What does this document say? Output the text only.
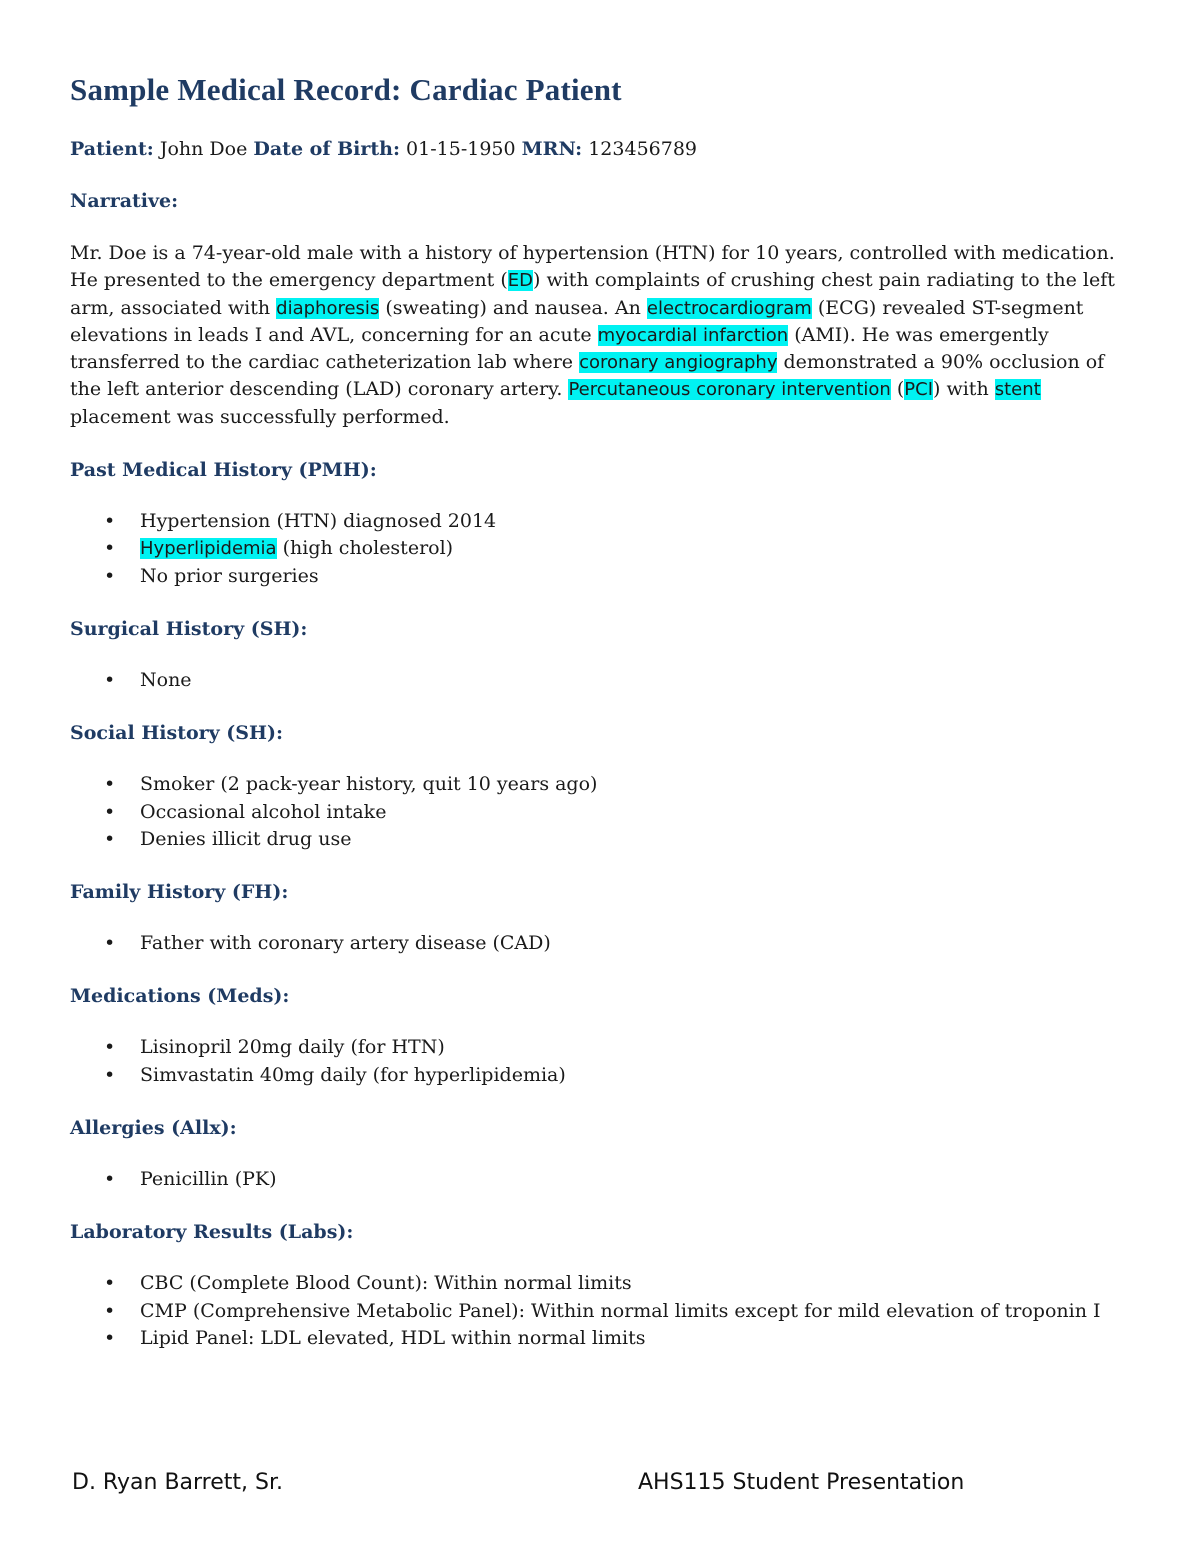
Sample Medical Record: Cardiac Patient
Patient: John Doe Date of Birth: 01-15-1950 MRN: 123456789
Narrative:

Mr. Doe is a 74-year-old male with a history of hypertension (HTN) for 10 years, controlled with medication. He presented to the emergency department (ED) with complaints of crushing chest pain radiating to the left arm, associated with diaphoresis (sweating) and nausea. An electrocardiogram (ECG) revealed ST-segment elevations in leads I and AVL, concerning for an acute myocardial infarction (AMI). He was emergently transferred to the cardiac catheterization lab where coronary angiography demonstrated a 90% occlusion of the left anterior descending (LAD) coronary artery. Percutaneous coronary intervention (PCI) with stent placement was successfully performed.

Past Medical History (PMH):
• Hypertension (HTN) diagnosed 2014
• Hyperlipidemia (high cholesterol)
• No prior surgeries
Surgical History (SH):
• None
Social History (SH):
• Smoker (2 pack-year history, quit 10 years ago)
• Occasional alcohol intake
• Denies illicit drug use
Family History (FH):
• Father with coronary artery disease (CAD)
Medications (Meds):
• Lisinopril 20mg daily (for HTN)
• Simvastatin 40mg daily (for hyperlipidemia)
Allergies (Allx):
• Penicillin (PK)
Laboratory Results (Labs):
• CBC (Complete Blood Count): Within normal limits
• CMP (Comprehensive Metabolic Panel): Within normal limits except for mild elevation of troponin I
• Lipid Panel: LDL elevated, HDL within normal limits
D. Ryan Barrett, Sr.	AHS115 Student Presentation
